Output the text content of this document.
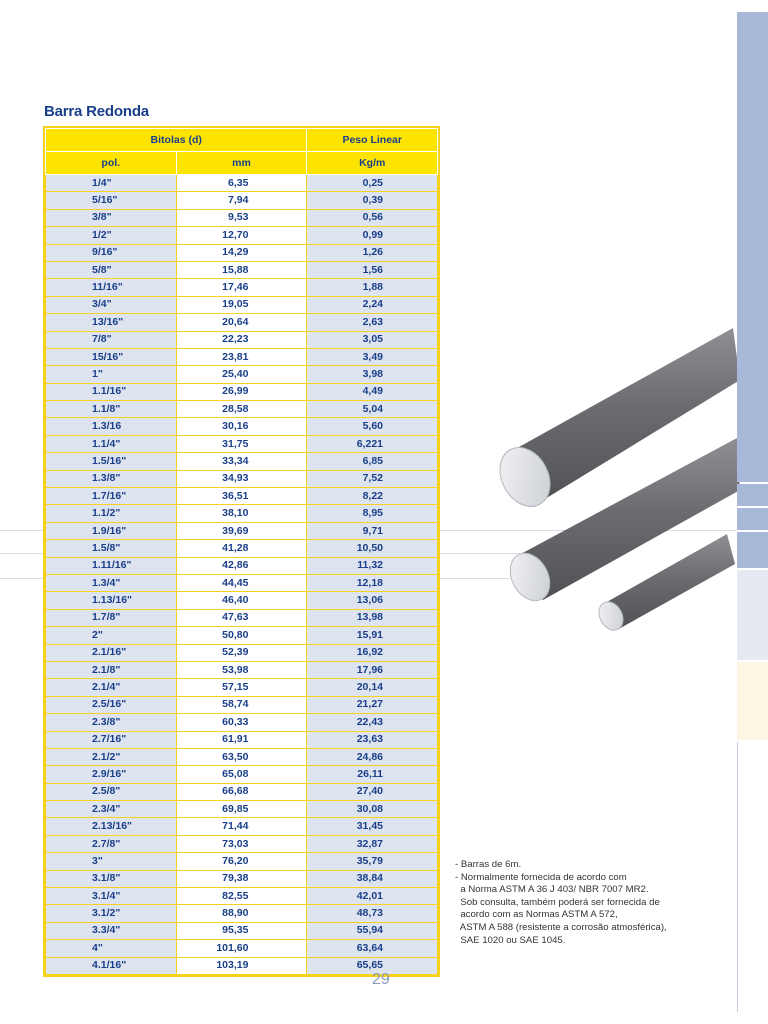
Barra Redonda
Bitolas (d)		Peso Linear
pol.	mm	Kg/m
1/4"	6,35	0,25
5/16"	7,94	0,39
3/8"	9,53	0,56
1/2"	12,70	0,99
9/16"	14,29	1,26
5/8"	15,88	1,56
11/16"	17,46	1,88
3/4"	19,05	2,24
13/16"	20,64	2,63
7/8"	22,23	3,05
15/16"	23,81	3,49
1"	25,40	3,98
1.1/16"	26,99	4,49
1.1/8"	28,58	5,04
1.3/16	30,16	5,60
1.1/4"	31,75	6,221
1.5/16"	33,34	6,85
1.3/8"	34,93	7,52
1.7/16"	36,51	8,22
1.1/2"	38,10	8,95
1.9/16"	39,69	9,71
1.5/8"	41,28	10,50
1.11/16"	42,86	11,32
1.3/4"	44,45	12,18
1.13/16"	46,40	13,06
1.7/8"	47,63	13,98
2"	50,80	15,91
2.1/16"	52,39	16,92
2.1/8"	53,98	17,96
2.1/4"	57,15	20,14
2.5/16"	58,74	21,27
2.3/8"	60,33	22,43
2.7/16"	61,91	23,63
2.1/2"	63,50	24,86
2.9/16"	65,08	26,11
2.5/8"	66,68	27,40
2.3/4"	69,85	30,08
2.13/16"	71,44	31,45
2.7/8"	73,03	32,87
3"	76,20	35,79
3.1/8"	79,38	38,84
3.1/4"	82,55	42,01
3.1/2"	88,90	48,73
3.3/4"	95,35	55,94
4"	101,60	63,64
4.1/16"	103,19	65,65
- Barras de 6m.
- Normalmente fornecida de acordo com
a Norma ASTM A 36 J 403/ NBR 7007 MR2.
Sob consulta, também poderá ser fornecida de
acordo com as Normas ASTM A 572,
ASTM A 588 (resistente a corrosão atmosférica),
SAE 1020 ou SAE 1045.
29
